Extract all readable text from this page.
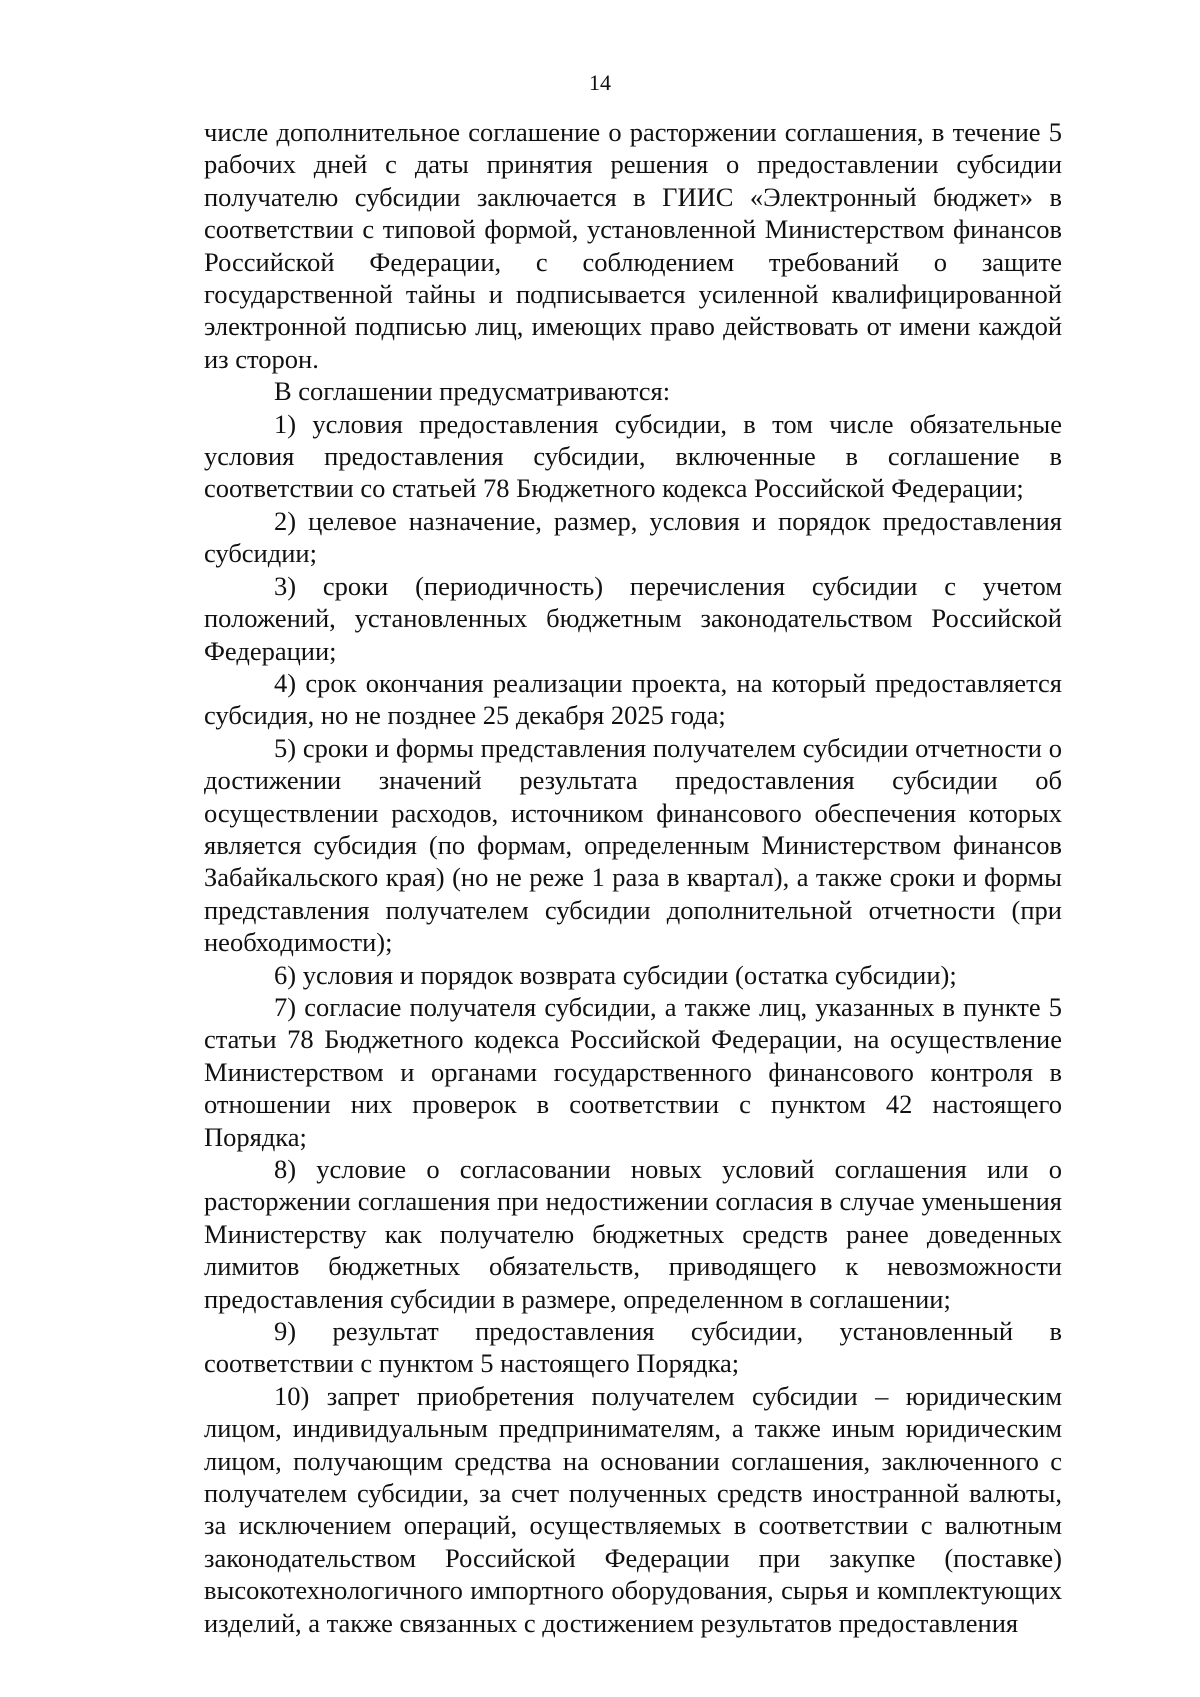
14

числе дополнительное соглашение о расторжении соглашения, в течение 5 рабочих дней с даты принятия решения о предоставлении субсидии получателю субсидии заключается в ГИИС «Электронный бюджет» в соответствии с типовой формой, установленной Министерством финансов Российской Федерации, с соблюдением требований о защите государственной тайны и подписывается усиленной квалифицированной электронной подписью лиц, имеющих право действовать от имени каждой из сторон.

В соглашении предусматриваются:

1) условия предоставления субсидии, в том числе обязательные условия предоставления субсидии, включенные в соглашение в соответствии со статьей 78 Бюджетного кодекса Российской Федерации;

2) целевое назначение, размер, условия и порядок предоставления субсидии;

3) сроки (периодичность) перечисления субсидии с учетом положений, установленных бюджетным законодательством Российской Федерации;

4) срок окончания реализации проекта, на который предоставляется субсидия, но не позднее 25 декабря 2025 года;

5) сроки и формы представления получателем субсидии отчетности о достижении значений результата предоставления субсидии об осуществлении расходов, источником финансового обеспечения которых является субсидия (по формам, определенным Министерством финансов Забайкальского края) (но не реже 1 раза в квартал), а также сроки и формы представления получателем субсидии дополнительной отчетности (при необходимости);

6) условия и порядок возврата субсидии (остатка субсидии);

7) согласие получателя субсидии, а также лиц, указанных в пункте 5 статьи 78 Бюджетного кодекса Российской Федерации, на осуществление Министерством и органами государственного финансового контроля в отношении них проверок в соответствии с пунктом 42 настоящего Порядка;

8) условие о согласовании новых условий соглашения или о расторжении соглашения при недостижении согласия в случае уменьшения Министерству как получателю бюджетных средств ранее доведенных лимитов бюджетных обязательств, приводящего к невозможности предоставления субсидии в размере, определенном в соглашении;

9) результат предоставления субсидии, установленный в соответствии с пунктом 5 настоящего Порядка;

10) запрет приобретения получателем субсидии – юридическим лицом, индивидуальным предпринимателям, а также иным юридическим лицом, получающим средства на основании соглашения, заключенного с получателем субсидии, за счет полученных средств иностранной валюты, за исключением операций, осуществляемых в соответствии с валютным законодательством Российской Федерации при закупке (поставке) высокотехнологичного импортного оборудования, сырья и комплектующих изделий, а также связанных с достижением результатов предоставления
